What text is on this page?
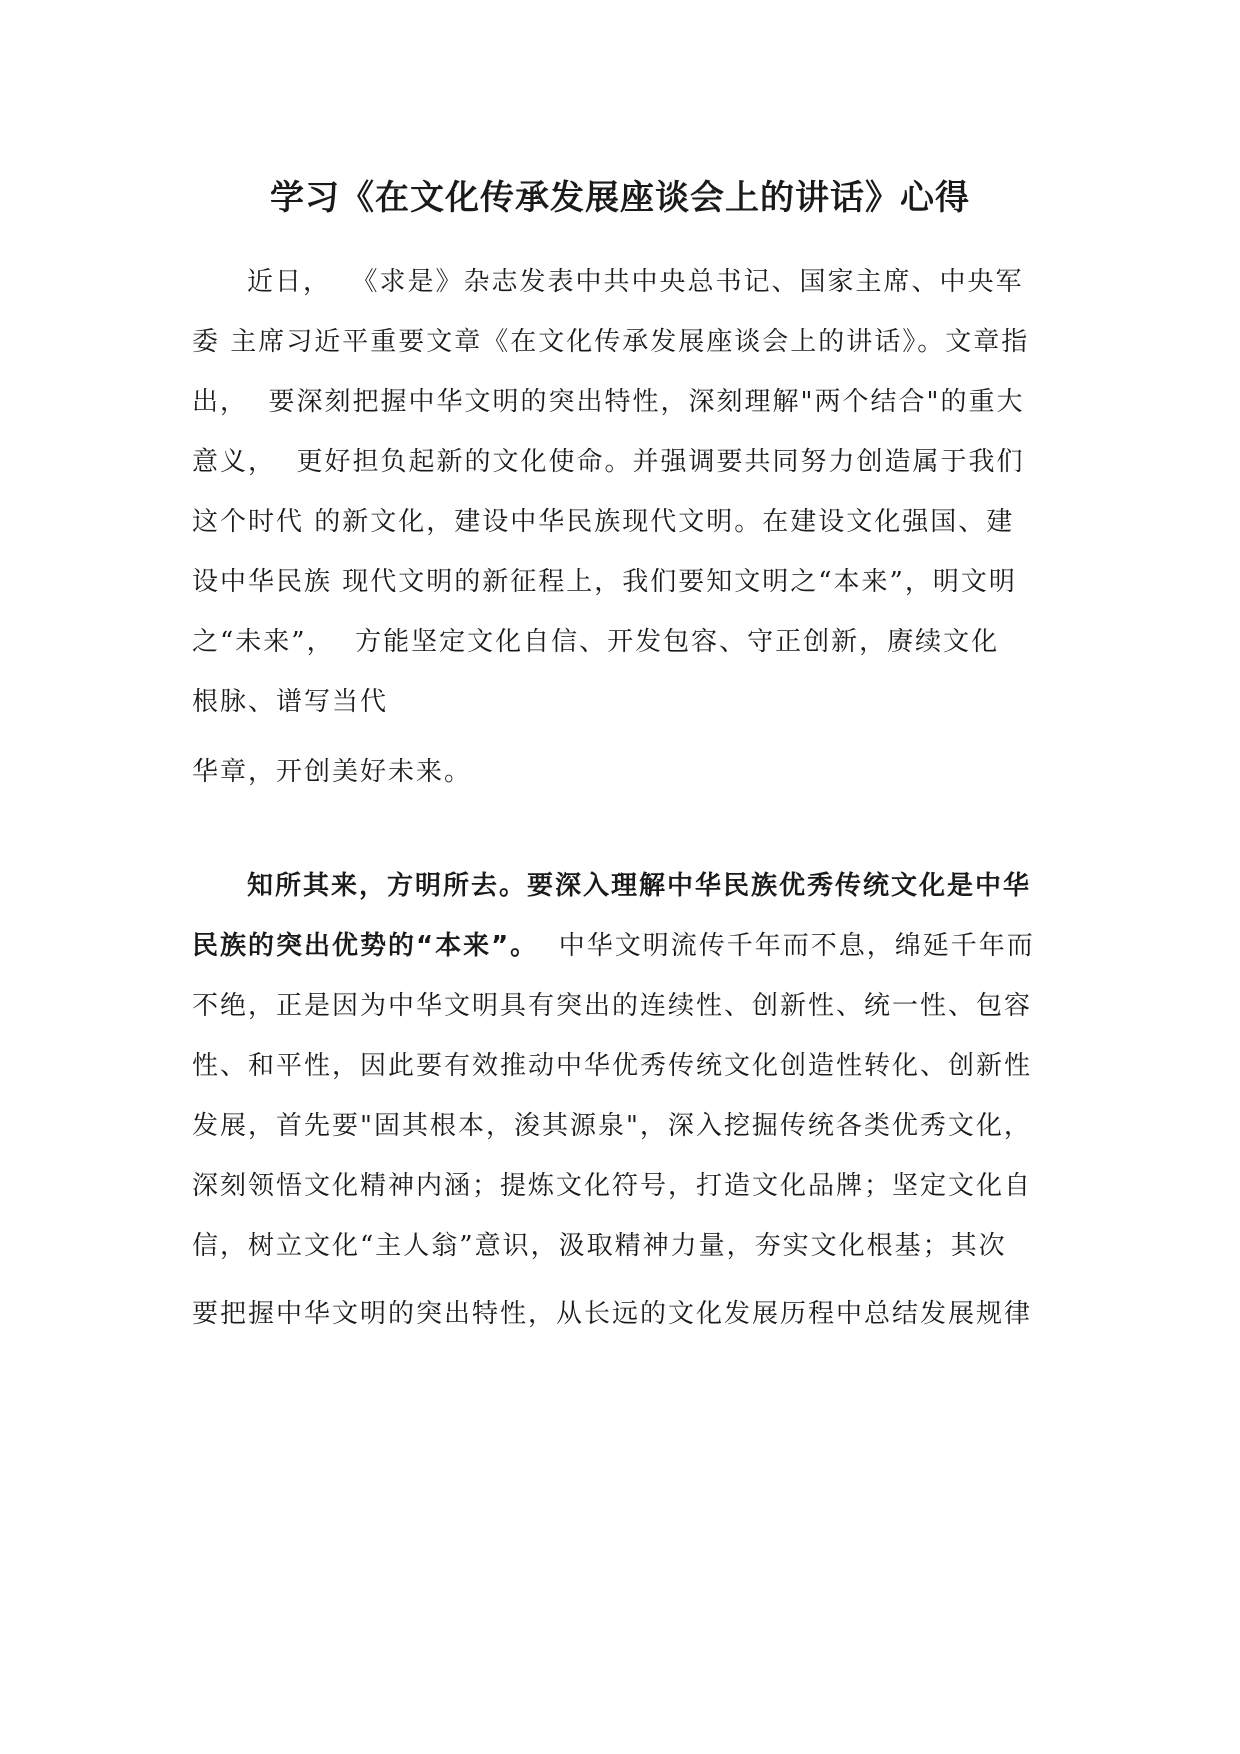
学习《在文化传承发展座谈会上的讲话》心得
近日，  《求是》杂志发表中共中央总书记、国家主席、中央军
委 主席习近平重要文章《在文化传承发展座谈会上的讲话》。文章指
出，  要深刻把握中华文明的突出特性，深刻理解"两个结合"的重大
意义，  更好担负起新的文化使命。并强调要共同努力创造属于我们
这个时代 的新文化，建设中华民族现代文明。在建设文化强国、建
设中华民族 现代文明的新征程上，我们要知文明之“本来”，明文明
之“未来”，  方能坚定文化自信、开发包容、守正创新，赓续文化
根脉、谱写当代
华章，开创美好未来。
知所其来，方明所去。要深入理解中华民族优秀传统文化是中华
民族的突出优势的“本来”。  中华文明流传千年而不息，绵延千年而
不绝，正是因为中华文明具有突出的连续性、创新性、统一性、包容
性、和平性，因此要有效推动中华优秀传统文化创造性转化、创新性
发展，首先要"固其根本，浚其源泉"，深入挖掘传统各类优秀文化，
深刻领悟文化精神内涵；提炼文化符号，打造文化品牌；坚定文化自
信，树立文化“主人翁”意识，汲取精神力量，夯实文化根基；其次
要把握中华文明的突出特性，从长远的文化发展历程中总结发展规律
